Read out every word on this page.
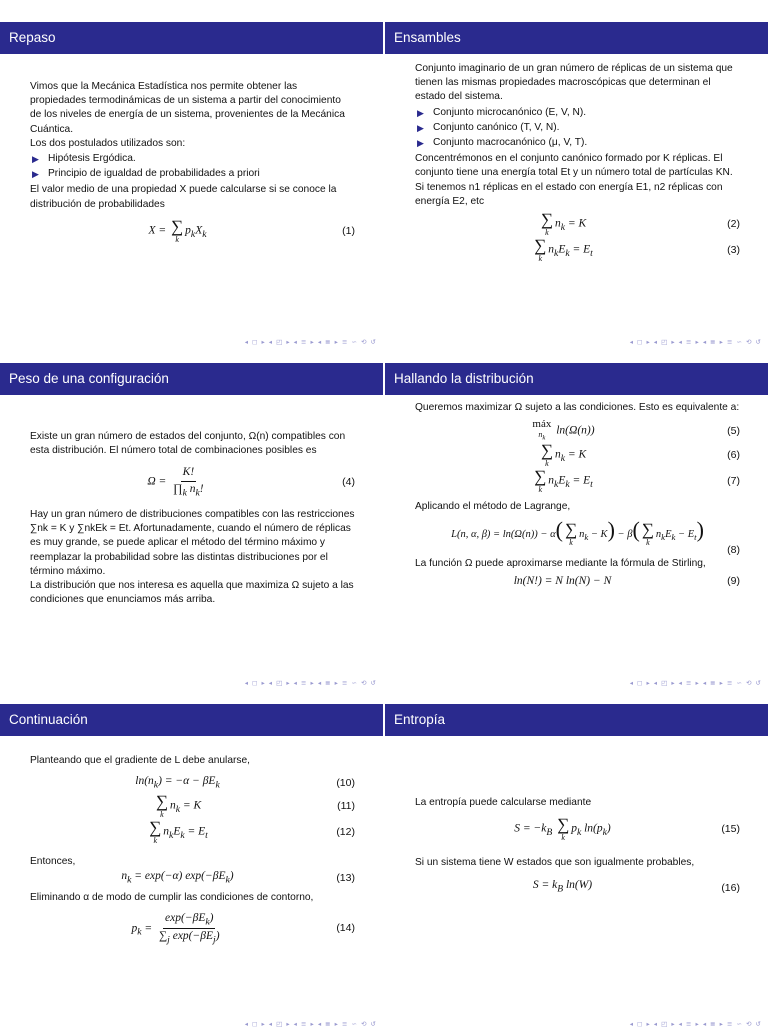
Repaso

Vimos que la Mecánica Estadística nos permite obtener las propiedades termodinámicas de un sistema a partir del conocimiento de los niveles de energía de un sistema, provenientes de la Mecánica Cuántica.

Los dos postulados utilizados son:

▶ Hipótesis Ergódica.
▶ Principio de igualdad de probabilidades a priori

El valor medio de una propiedad X puede calcularse si se conoce la distribución de probabilidades

X = ∑
k
$p_kX_k$	(1)
◂ ◻ ▸ ◂ ◰ ▸ ◂ ≡ ▸ ◂ ≣ ▸ ≡ ∽ ⟲ ↺
Ensambles

Conjunto imaginario de un gran número de réplicas de un sistema que tienen las mismas propiedades macroscópicas que determinan el estado del sistema.

▶ Conjunto microcanónico (E, V, N).
▶ Conjunto canónico (T, V, N).
▶ Conjunto macrocanónico (μ, V, T).

Concentrémonos en el conjunto canónico formado por K réplicas. El conjunto tiene una energía total Et y un número total de partículas KN. Si tenemos n1 réplicas en el estado con energía E1, n2 réplicas con energía E2, etc

∑
k
$n_k = K$	(2)
∑
k
$n_kE_k = E_t$	(3)
◂ ◻ ▸ ◂ ◰ ▸ ◂ ≡ ▸ ◂ ≣ ▸ ≡ ∽ ⟲ ↺
Peso de una configuración

Existe un gran número de estados del conjunto, Ω(n) compatibles con esta distribución. El número total de combinaciones posibles es

$\Omega = \frac{K!}{\prod_k n_k!}$	(4)

Hay un gran número de distribuciones compatibles con las restricciones ∑nk = K y ∑nkEk = Et. Afortunadamente, cuando el número de réplicas es muy grande, se puede aplicar el método del término máximo y reemplazar la probabilidad sobre las distintas distribuciones por el término máximo.

La distribución que nos interesa es aquella que maximiza Ω sujeto a las condiciones que enunciamos más arriba.

◂ ◻ ▸ ◂ ◰ ▸ ◂ ≡ ▸ ◂ ≣ ▸ ≡ ∽ ⟲ ↺
Hallando la distribución

Queremos maximizar Ω sujeto a las condiciones. Esto es equivalente a:

máx
$n_k$
ln(Ω(n))	(5)
∑
k
$n_k = K$	(6)
∑
k
$n_kE_k = E_t$	(7)

Aplicando el método de Lagrange,

L(n, α, β) = ln(Ω(n)) − α( ∑
k
$n_k - K) - \beta$( ∑
k
$n_kE_k - E_t$)
(8)

La función Ω puede aproximarse mediante la fórmula de Stirling,

ln(N!) = N ln(N) − N	(9)
◂ ◻ ▸ ◂ ◰ ▸ ◂ ≡ ▸ ◂ ≣ ▸ ≡ ∽ ⟲ ↺
Continuación

Planteando que el gradiente de L debe anularse,

$\ln(n_k) = -\alpha - \beta E_k$	(10)
∑
k
$n_k = K$	(11)
∑
k
$n_kE_k = E_t$	(12)

Entonces,

$n_k = \exp(-\alpha)$ $\exp(-\beta E_k)$	(13)

Eliminando α de modo de cumplir las condiciones de contorno,

$p_k = \frac{\exp(-\beta E_k)}{\sum_j \exp(-\beta E_j)}$	(14)
◂ ◻ ▸ ◂ ◰ ▸ ◂ ≡ ▸ ◂ ≣ ▸ ≡ ∽ ⟲ ↺
Entropía

La entropía puede calcularse mediante

$S = -k_B$ ∑
k
$p_k$ $\ln(p_k)$	(15)

Si un sistema tiene W estados que son igualmente probables,

$S = k_B$ ln(W)	(16)
◂ ◻ ▸ ◂ ◰ ▸ ◂ ≡ ▸ ◂ ≣ ▸ ≡ ∽ ⟲ ↺
